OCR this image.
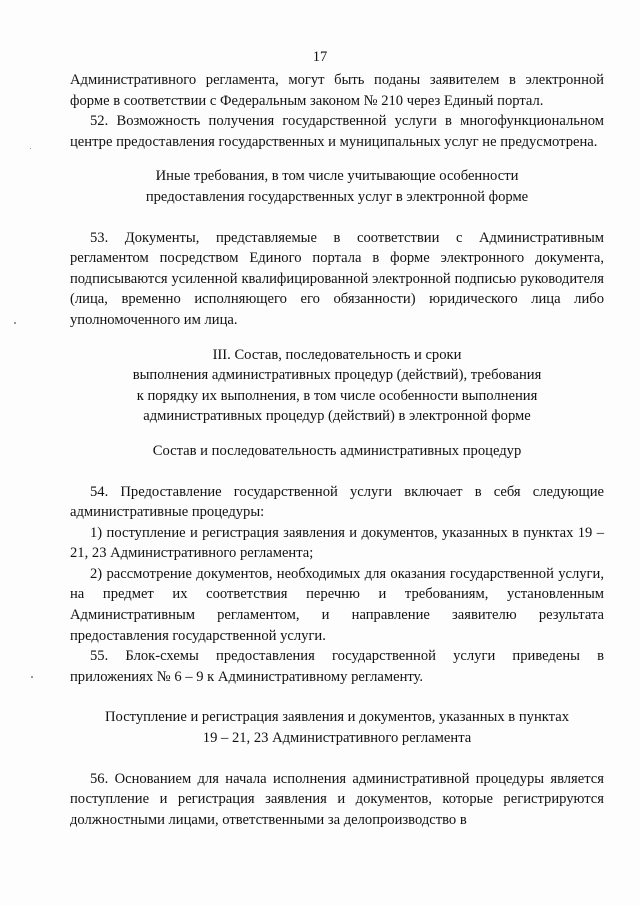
17

Административного регламента, могут быть поданы заявителем в электронной форме в соответствии с Федеральным законом № 210 через Единый портал.

52. Возможность получения государственной услуги в многофункциональном центре предоставления государственных и муниципальных услуг не предусмотрена.

Иные требования, в том числе учитывающие особенности

предоставления государственных услуг в электронной форме

53. Документы, представляемые в соответствии с Административным регламентом посредством Единого портала в форме электронного документа, подписываются усиленной квалифицированной электронной подписью руководителя (лица, временно исполняющего его обязанности) юридического лица либо уполномоченного им лица.

III. Состав, последовательность и сроки

выполнения административных процедур (действий), требования

к порядку их выполнения, в том числе особенности выполнения

административных процедур (действий) в электронной форме

Состав и последовательность административных процедур

54. Предоставление государственной услуги включает в себя следующие административные процедуры:

1) поступление и регистрация заявления и документов, указанных в пунктах 19 – 21, 23 Административного регламента;

2) рассмотрение документов, необходимых для оказания государственной услуги, на предмет их соответствия перечню и требованиям, установленным Административным регламентом, и направление заявителю результата предоставления государственной услуги.

55. Блок-схемы предоставления государственной услуги приведены в приложениях № 6 – 9 к Административному регламенту.

Поступление и регистрация заявления и документов, указанных в пунктах

19 – 21, 23 Административного регламента

56. Основанием для начала исполнения административной процедуры является поступление и регистрация заявления и документов, которые регистрируются должностными лицами, ответственными за делопроизводство в
